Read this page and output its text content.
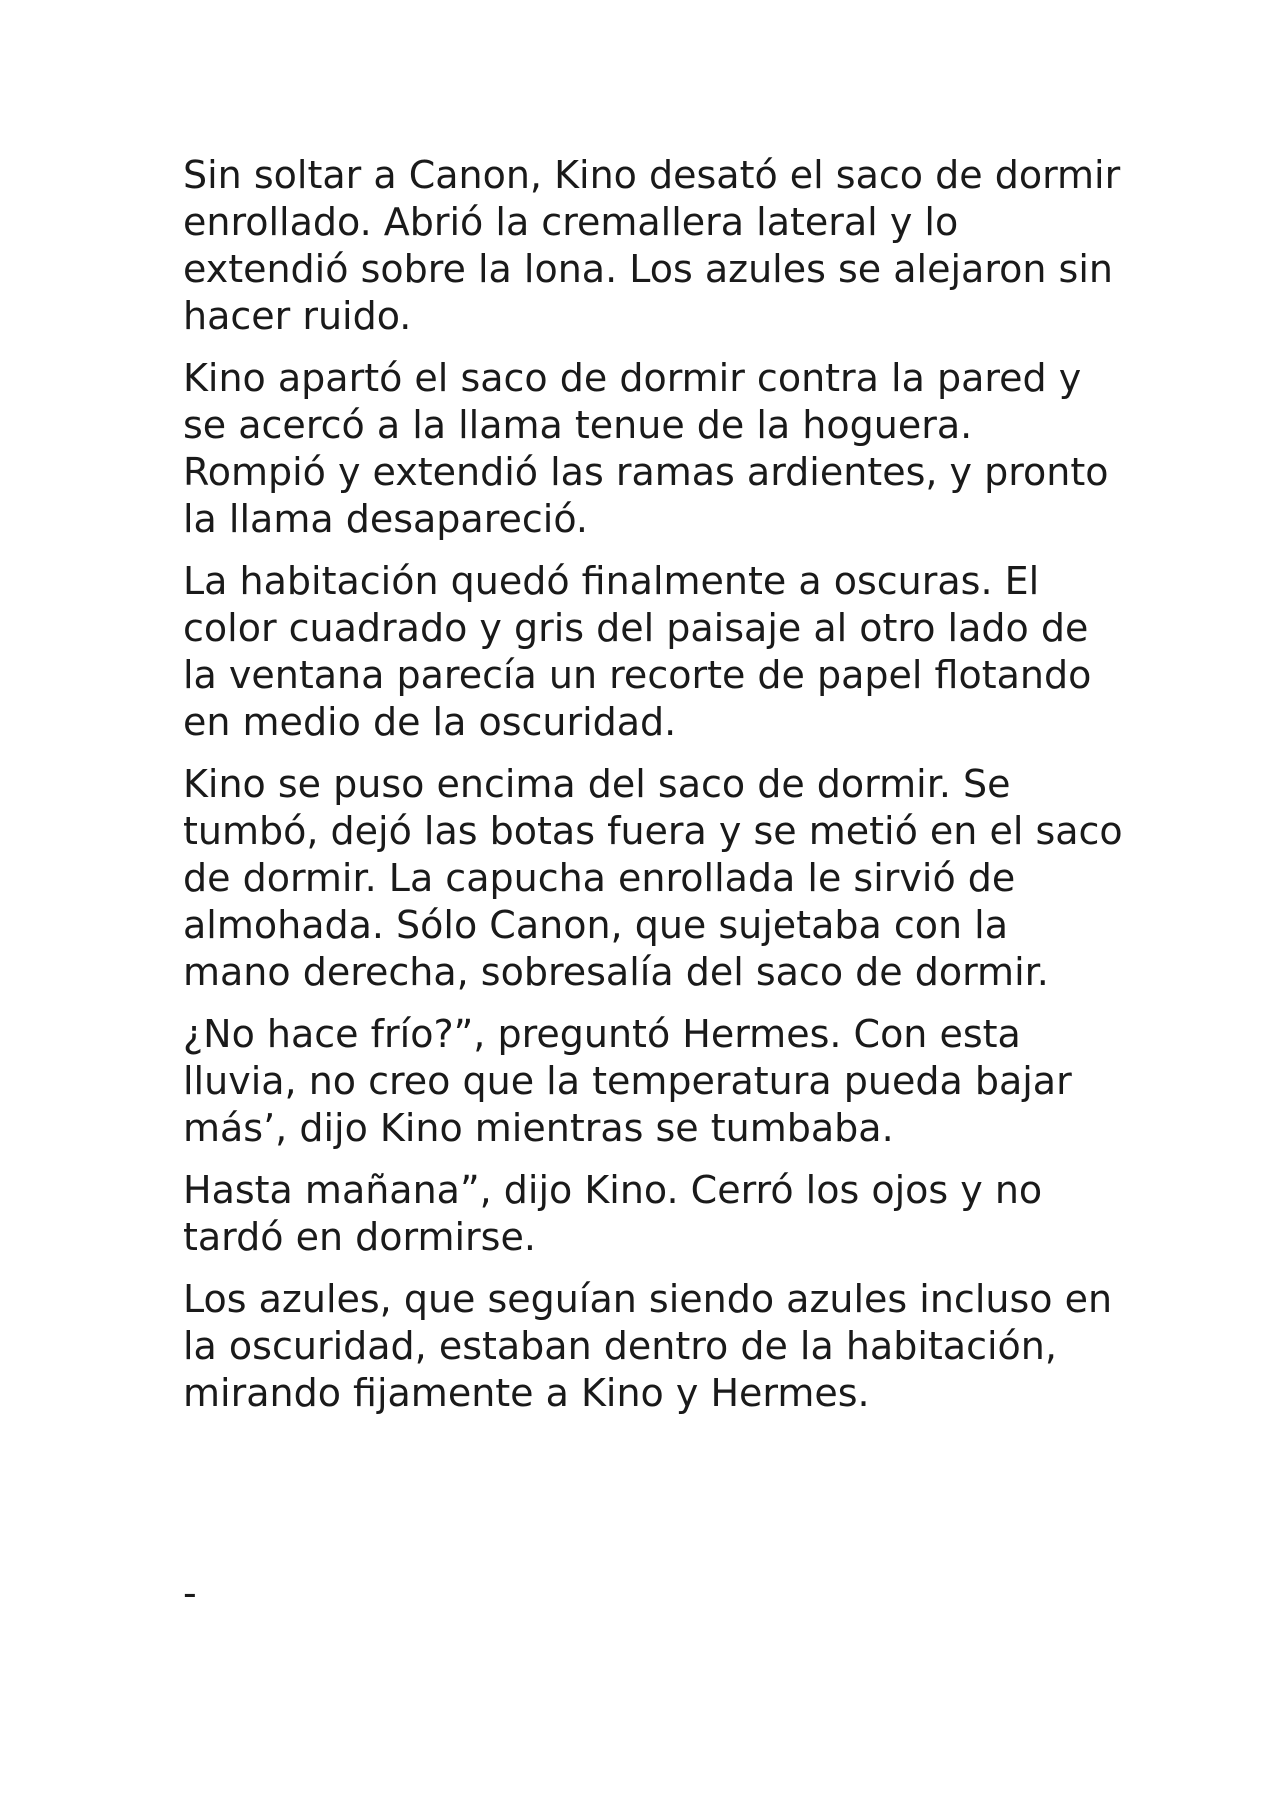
Sin soltar a Canon, Kino desató el saco de dormir enrollado. Abrió la cremallera lateral y lo extendió sobre la lona. Los azules se alejaron sin hacer ruido.

Kino apartó el saco de dormir contra la pared y se acercó a la llama tenue de la hoguera. Rompió y extendió las ramas ardientes, y pronto la llama desapareció.

La habitación quedó finalmente a oscuras. El color cuadrado y gris del paisaje al otro lado de la ventana parecía un recorte de papel flotando en medio de la oscuridad.

Kino se puso encima del saco de dormir. Se tumbó, dejó las botas fuera y se metió en el saco de dormir. La capucha enrollada le sirvió de almohada. Sólo Canon, que sujetaba con la mano derecha, sobresalía del saco de dormir.

¿No hace frío?”, preguntó Hermes. Con esta lluvia, no creo que la temperatura pueda bajar más’, dijo Kino mientras se tumbaba.

Hasta mañana”, dijo Kino. Cerró los ojos y no tardó en dormirse.

Los azules, que seguían siendo azules incluso en la oscuridad, estaban dentro de la habitación, mirando fijamente a Kino y Hermes.

-
